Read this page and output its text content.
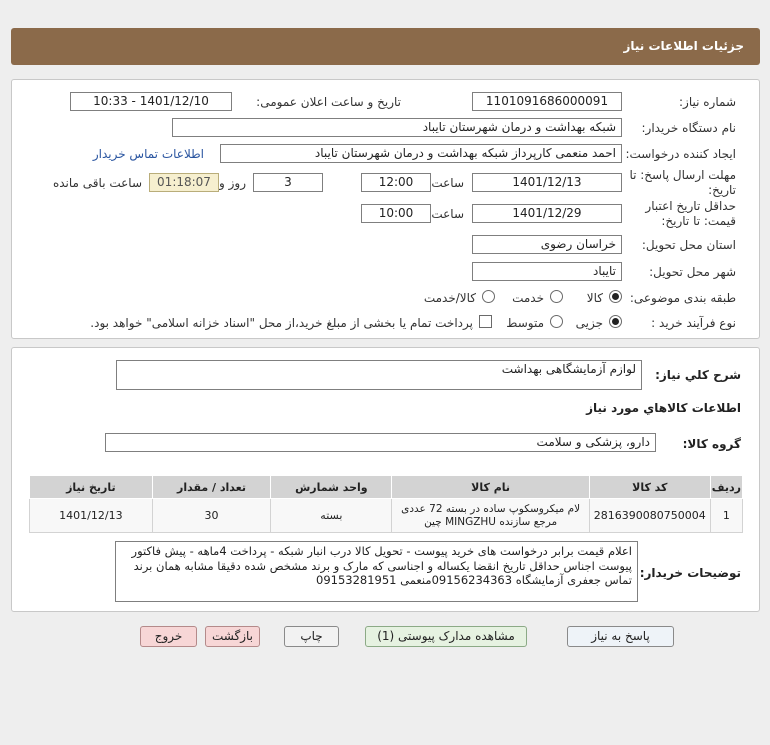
جزئیات اطلاعات نیاز
شماره نیاز:
1101091686000091
تاریخ و ساعت اعلان عمومی:
1401/12/10 - 10:33
نام دستگاه خریدار:
شبکه بهداشت و درمان شهرستان تایباد
ایجاد کننده درخواست:
احمد منعمی کارپرداز شبکه بهداشت و درمان شهرستان تایباد
اطلاعات تماس خریدار
مهلت ارسال پاسخ: تا
تاریخ:
1401/12/13
ساعت
12:00
3
روز و
01:18:07
ساعت باقی مانده
حداقل تاریخ اعتبار
قیمت: تا تاریخ:
1401/12/29
ساعت
10:00
استان محل تحویل:
خراسان رضوی
شهر محل تحویل:
تایباد
طبقه بندی موضوعی:
کالا
خدمت
کالا/خدمت
نوع فرآیند خرید :
جزیی
متوسط
پرداخت تمام یا بخشی از مبلغ خرید،از محل "اسناد خزانه اسلامی" خواهد بود.
شرح كلي نياز:
لوازم آزمایشگاهی بهداشت
اطلاعات كالاهاي مورد نياز
گروه کالا:
دارو، پزشکی و سلامت
ردیف	کد کالا	نام کالا	واحد شمارش	تعداد / مقدار	تاریخ نیاز
1	2816390080750004	لام میکروسکوپ ساده در بسته 72 عددی مرجع سازنده MINGZHU چین	بسته	30	1401/12/13
توضیحات خریدار:
اعلام قیمت برابر درخواست های خرید پیوست - تحویل کالا درب انبار شبکه - پرداخت 4ماهه - پیش فاکتور پیوست اجناس حداقل تاریخ انقضا یکساله و اجناسی که مارک و برند مشخص شده دقیقا مشابه همان برند تماس جعفری آزمایشگاه 09156234363منعمی 09153281951
پاسخ به نیاز
مشاهده مدارک پیوستی (1)
چاپ
بازگشت
خروج
